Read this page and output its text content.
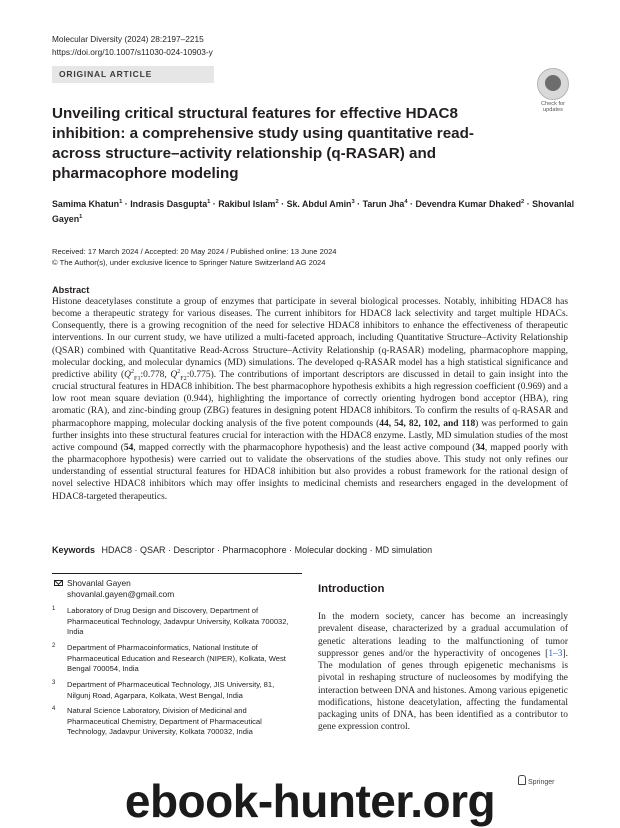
Molecular Diversity (2024) 28:2197–2215
https://doi.org/10.1007/s11030-024-10903-y
ORIGINAL ARTICLE
Check for
updates
Unveiling critical structural features for effective HDAC8 inhibition: a comprehensive study using quantitative read-across structure–activity relationship (q-RASAR) and pharmacophore modeling
Samima Khatun$^1$ · Indrasis Dasgupta$^1$ · Rakibul Islam$^2$ · Sk. Abdul Amin$^3$ · Tarun Jha$^4$ · Devendra Kumar Dhaked$^2$ · Shovanlal Gayen$^1$
Received: 17 March 2024 / Accepted: 20 May 2024 / Published online: 13 June 2024
© The Author(s), under exclusive licence to Springer Nature Switzerland AG 2024
Abstract
Histone deacetylases constitute a group of enzymes that participate in several biological processes. Notably, inhibiting HDAC8 has become a therapeutic strategy for various diseases. The current inhibitors for HDAC8 lack selectivity and target multiple HDACs. Consequently, there is a growing recognition of the need for selective HDAC8 inhibitors to enhance the effectiveness of therapeutic interventions. In our current study, we have utilized a multi-faceted approach, including Quantitative Structure–Activity Relationship (QSAR) combined with Quantitative Read-Across Structure–Activity Relationship (q-RASAR) modeling, pharmacophore mapping, molecular docking, and molecular dynamics (MD) simulations. The developed q-RASAR model has a high statistical significance and predictive ability ($Q^2_{F1}:0.778$, $Q^2_{F2}:0.775$). The contributions of important descriptors are discussed in detail to gain insight into the crucial structural features in HDAC8 inhibition. The best pharmacophore hypothesis exhibits a high regression coefficient (0.969) and a low root mean square deviation (0.944), highlighting the importance of correctly orienting hydrogen bond acceptor (HBA), ring aromatic (RA), and zinc-binding group (ZBG) features in designing potent HDAC8 inhibitors. To confirm the results of q-RASAR and pharmacophore mapping, molecular docking analysis of the five potent compounds (44, 54, 82, 102, and 118) was performed to gain further insights into these structural features crucial for interaction with the HDAC8 enzyme. Lastly, MD simulation studies of the most active compound (54, mapped correctly with the pharmacophore hypothesis) and the least active compound (34, mapped poorly with the pharmacophore hypothesis) were carried out to validate the observations of the studies above. This study not only refines our understanding of essential structural features for HDAC8 inhibition but also provides a robust framework for the rational design of novel selective HDAC8 inhibitors which may offer insights to medicinal chemists and researchers engaged in the development of HDAC8-targeted therapeutics.
Keywords HDAC8 · QSAR · Descriptor · Pharmacophore · Molecular docking · MD simulation
Shovanlal Gayen
shovanlal.gayen@gmail.com
1 Laboratory of Drug Design and Discovery, Department of Pharmaceutical Technology, Jadavpur University, Kolkata 700032, India
2 Department of Pharmacoinformatics, National Institute of Pharmaceutical Education and Research (NIPER), Kolkata, West Bengal 700054, India
3 Department of Pharmaceutical Technology, JIS University, 81, Nilgunj Road, Agarpara, Kolkata, West Bengal, India
4 Natural Science Laboratory, Division of Medicinal and Pharmaceutical Chemistry, Department of Pharmaceutical Technology, Jadavpur University, Kolkata 700032, India
Introduction
In the modern society, cancer has become an increasingly prevalent disease, characterized by a gradual accumulation of genetic alterations leading to the malfunctioning of tumor suppressor genes and/or the hyperactivity of oncogenes [1–3]. The modulation of genes through epigenetic mechanisms is pivotal in reshaping structure of nucleosomes by modifying the interaction between DNA and histones. Among various epigenetic modifications, histone deacetylation, affecting the fundamental packaging units of DNA, has been identified as a contributor to gene expression control.
Springer
ebook-hunter.org
